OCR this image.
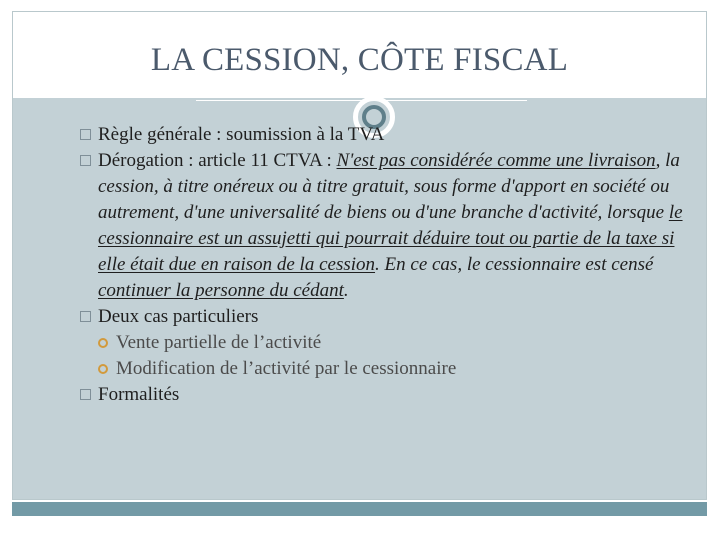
LA CESSION, CÔTE FISCAL
Règle générale : soumission à la TVA
Dérogation : article 11 CTVA : N'est pas considérée comme une livraison, la cession, à titre onéreux ou à titre gratuit, sous forme d'apport en société ou autrement, d'une universalité de biens ou d'une branche d'activité, lorsque le cessionnaire est un assujetti qui pourrait déduire tout ou partie de la taxe si elle était due en raison de la cession. En ce cas, le cessionnaire est censé continuer la personne du cédant.
Deux cas particuliers
Vente partielle de l’activité
Modification de l’activité par le cessionnaire
Formalités
